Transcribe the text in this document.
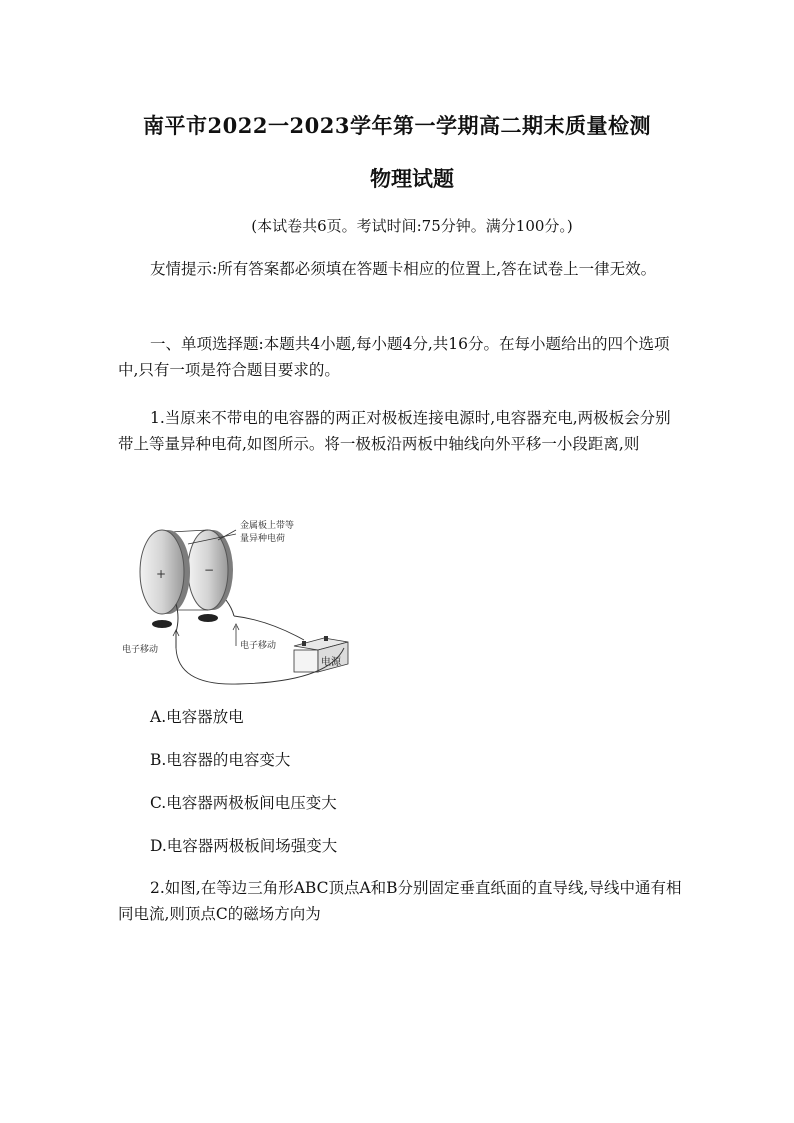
南平市2022一2023学年第一学期高二期末质量检测
物理试题
(本试卷共6页。考试时间:75分钟。满分100分。)
友情提示:所有答案都必须填在答题卡相应的位置上,答在试卷上一律无效。
一、单项选择题:本题共4小题,每小题4分,共16分。在每小题给出的四个选项中,只有一项是符合题目要求的。
1.当原来不带电的电容器的两正对极板连接电源时,电容器充电,两极板会分别带上等量异种电荷,如图所示。将一极板沿两板中轴线向外平移一小段距离,则
−
+
金属板上带等
量异种电荷
电子移动	电子移动
电源
A.电容器放电
B.电容器的电容变大
C.电容器两极板间电压变大
D.电容器两极板间场强变大
2.如图,在等边三角形ABC顶点A和B分别固定垂直纸面的直导线,导线中通有相同电流,则顶点C的磁场方向为
